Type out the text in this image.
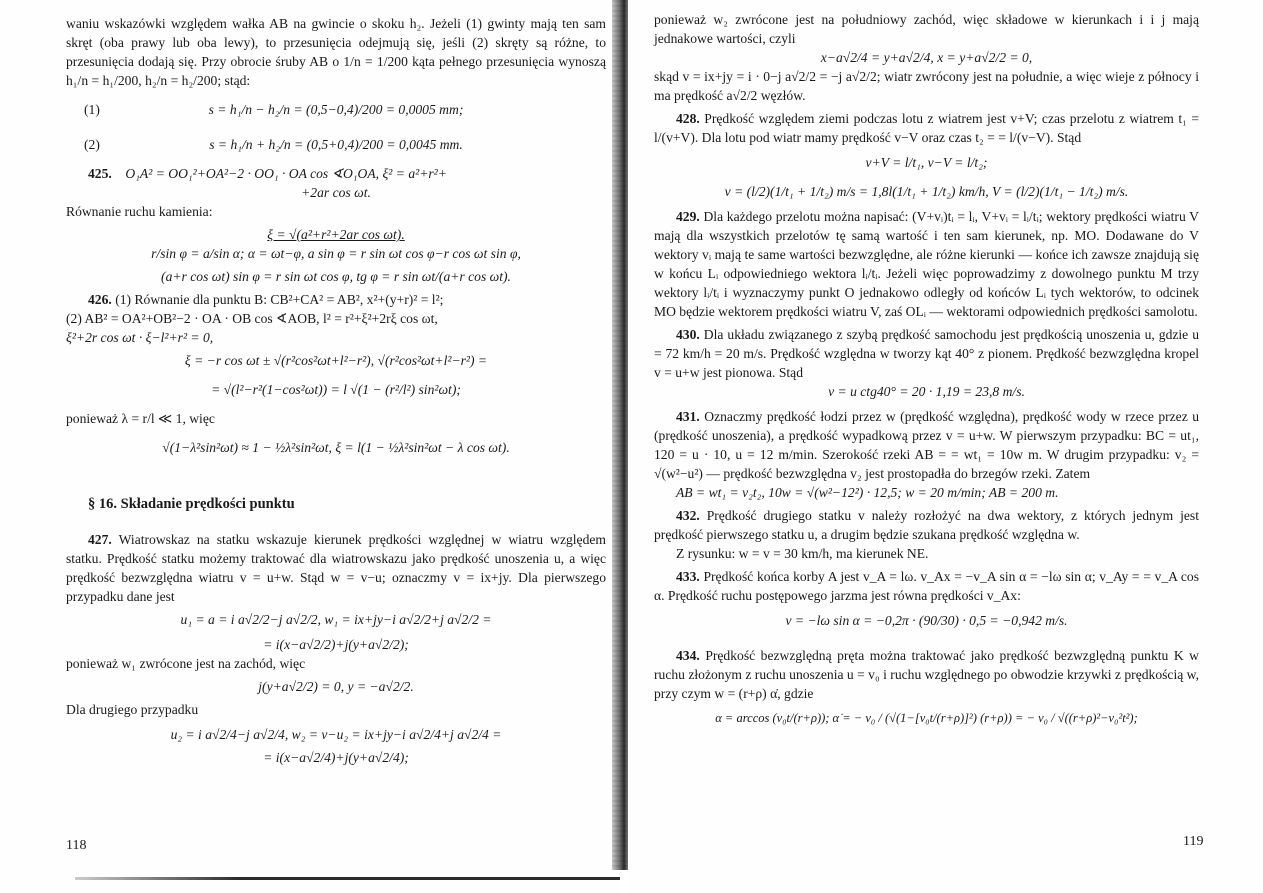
waniu wskazówki względem wałka AB na gwincie o skoku h₂. Jeżeli (1) gwinty mają ten sam skręt (oba prawy lub oba lewy), to przesunięcia odejmują się, jeśli (2) skręty są różne, to przesunięcia dodają się. Przy obrocie śruby AB o 1/n = 1/200 kąta pełnego przesunięcia wynoszą h₁/n = h₁/200, h₂/n = h₂/200; stąd:

(1)	s = h₁/n − h₂/n = (0,5−0,4)/200 = 0,0005 mm;
(2)	s = h₁/n + h₂/n = (0,5+0,4)/200 = 0,0045 mm.
425. O₁A² = OO₁²+OA²−2 · OO₁ · OA cos ∢O₁OA, ξ² = a²+r²+

+2ar cos ωt.

Równanie ruchu kamienia:

ξ = √(a²+r²+2ar cos ωt).

r/sin φ = a/sin α; α = ωt−φ, a sin φ = r sin ωt cos φ−r cos ωt sin φ,

(a+r cos ωt) sin φ = r sin ωt cos φ, tg φ = r sin ωt/(a+r cos ωt).

426. (1) Równanie dla punktu B: CB²+CA² = AB², x²+(y+r)² = l²;

(2) AB² = OA²+OB²−2 · OA · OB cos ∢AOB, l² = r²+ξ²+2rξ cos ωt,

ξ²+2r cos ωt · ξ−l²+r² = 0,

ξ = −r cos ωt ± √(r²cos²ωt+l²−r²), √(r²cos²ωt+l²−r²) =

= √(l²−r²(1−cos²ωt)) = l √(1 − (r²/l²) sin²ωt);

ponieważ λ = r/l ≪ 1, więc

√(1−λ²sin²ωt) ≈ 1 − ½λ²sin²ωt, ξ = l(1 − ½λ²sin²ωt − λ cos ωt).

§ 16. Składanie prędkości punktu

427. Wiatrowskaz na statku wskazuje kierunek prędkości względnej w wiatru względem statku. Prędkość statku możemy traktować dla wiatrowskazu jako prędkość unoszenia u, a więc prędkość bezwzględna wiatru v = u+w. Stąd w = v−u; oznaczmy v = ix+jy. Dla pierwszego przypadku dane jest

u₁ = a = i a√2/2−j a√2/2, w₁ = ix+jy−i a√2/2+j a√2/2 =

= i(x−a√2/2)+j(y+a√2/2);

ponieważ w₁ zwrócone jest na zachód, więc

j(y+a√2/2) = 0, y = −a√2/2.

Dla drugiego przypadku

u₂ = i a√2/4−j a√2/4, w₂ = v−u₂ = ix+jy−i a√2/4+j a√2/4 =

= i(x−a√2/4)+j(y+a√2/4);

118

ponieważ w₂ zwrócone jest na południowy zachód, więc składowe w kierunkach i i j mają jednakowe wartości, czyli

x−a√2/4 = y+a√2/4, x = y+a√2/2 = 0,

skąd v = ix+jy = i · 0−j a√2/2 = −j a√2/2; wiatr zwrócony jest na południe, a więc wieje z północy i ma prędkość a√2/2 węzłów.

428. Prędkość względem ziemi podczas lotu z wiatrem jest v+V; czas przelotu z wiatrem t₁ = l/(v+V). Dla lotu pod wiatr mamy prędkość v−V oraz czas t₂ = = l/(v−V). Stąd

v+V = l/t₁, v−V = l/t₂;

v = (l/2)(1/t₁ + 1/t₂) m/s = 1,8l(1/t₁ + 1/t₂) km/h, V = (l/2)(1/t₁ − 1/t₂) m/s.

429. Dla każdego przelotu można napisać: (V+vᵢ)tᵢ = lᵢ, V+vᵢ = lᵢ/tᵢ; wektory prędkości wiatru V mają dla wszystkich przelotów tę samą wartość i ten sam kierunek, np. MO. Dodawane do V wektory vᵢ mają te same wartości bezwzględne, ale różne kierunki — końce ich zawsze znajdują się w końcu Lᵢ odpowiedniego wektora lᵢ/tᵢ. Jeżeli więc poprowadzimy z dowolnego punktu M trzy wektory lᵢ/tᵢ i wyznaczymy punkt O jednakowo odległy od końców Lᵢ tych wektorów, to odcinek MO będzie wektorem prędkości wiatru V, zaś OLᵢ — wektorami odpowiednich prędkości samolotu.

430. Dla układu związanego z szybą prędkość samochodu jest prędkością unoszenia u, gdzie u = 72 km/h = 20 m/s. Prędkość względna w tworzy kąt 40° z pionem. Prędkość bezwzględna kropel v = u+w jest pionowa. Stąd

v = u ctg40° = 20 · 1,19 = 23,8 m/s.

431. Oznaczmy prędkość łodzi przez w (prędkość względna), prędkość wody w rzece przez u (prędkość unoszenia), a prędkość wypadkową przez v = u+w. W pierwszym przypadku: BC = ut₁, 120 = u · 10, u = 12 m/min. Szerokość rzeki AB = = wt₁ = 10w m. W drugim przypadku: v₂ = √(w²−u²) — prędkość bezwzględna v₂ jest prostopadła do brzegów rzeki. Zatem

AB = wt₁ = v₂t₂, 10w = √(w²−12²) · 12,5; w = 20 m/min; AB = 200 m.

432. Prędkość drugiego statku v należy rozłożyć na dwa wektory, z których jednym jest prędkość pierwszego statku u, a drugim będzie szukana prędkość względna w.

Z rysunku: w = v = 30 km/h, ma kierunek NE.

433. Prędkość końca korby A jest v_A = lω. v_Ax = −v_A sin α = −lω sin α; v_Ay = = v_A cos α. Prędkość ruchu postępowego jarzma jest równa prędkości v_Ax:

v = −lω sin α = −0,2π · (90/30) · 0,5 = −0,942 m/s.

434. Prędkość bezwzględną pręta można traktować jako prędkość bezwzględną punktu K w ruchu złożonym z ruchu unoszenia u = v₀ i ruchu względnego po obwodzie krzywki z prędkością w, przy czym w = (r+ρ) α̇, gdzie

α = arccos (v₀t/(r+ρ)); α̇ = − v₀ / (√(1−[v₀t/(r+ρ)]²) (r+ρ)) = − v₀ / √((r+ρ)²−v₀²t²);

119
